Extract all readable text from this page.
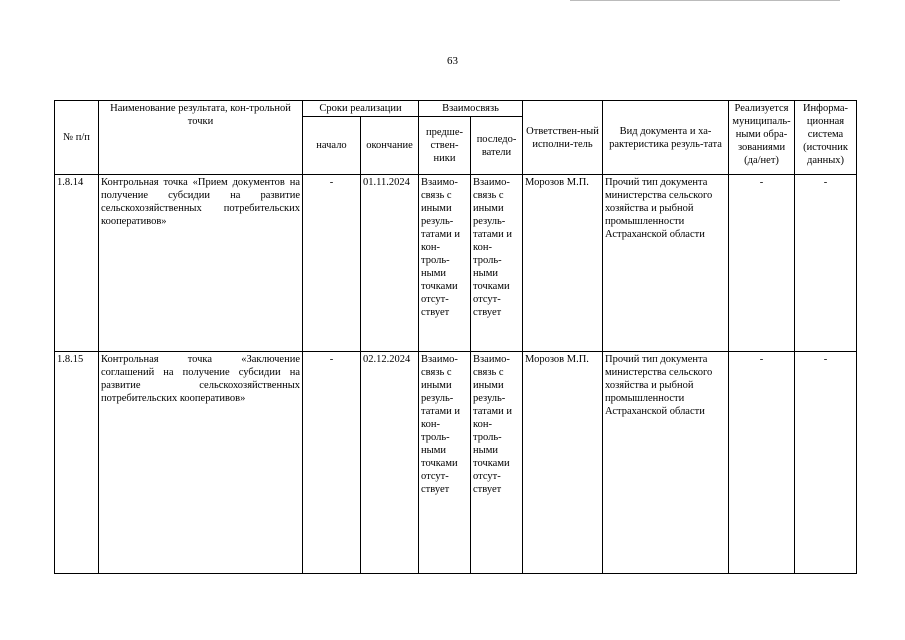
63
№ п/п	Наименование результата, кон-трольной точки	Сроки реализации		Взаимосвязь		Ответствен-ный исполни-тель	Вид документа и ха-рактеристика резуль-тата	Реализуется муниципаль-ными обра-зованиями (да/нет)	Информа-ционная система (источник данных)
		начало	окончание	предше-ствен-ники	последо-ватели				
1.8.14	Контрольная точка «Прием документов на получение субсидии на развитие сельскохозяйственных потребительских кооперативов»	-	01.11.2024	Взаимо-связь с иными резуль-татами и кон-троль-ными точками отсут-ствует	Взаимо-связь с иными резуль-татами и кон-троль-ными точками отсут-ствует	Морозов М.П.	Прочий тип документа министерства сельского хозяйства и рыбной промышленности Астраханской области	-	-
1.8.15	Контрольная точка «Заключение соглашений на получение субсидии на развитие сельскохозяйственных потребительских кооперативов»	-	02.12.2024	Взаимо-связь с иными резуль-татами и кон-троль-ными точками отсут-ствует	Взаимо-связь с иными резуль-татами и кон-троль-ными точками отсут-ствует	Морозов М.П.	Прочий тип документа министерства сельского хозяйства и рыбной промышленности Астраханской области	-	-
